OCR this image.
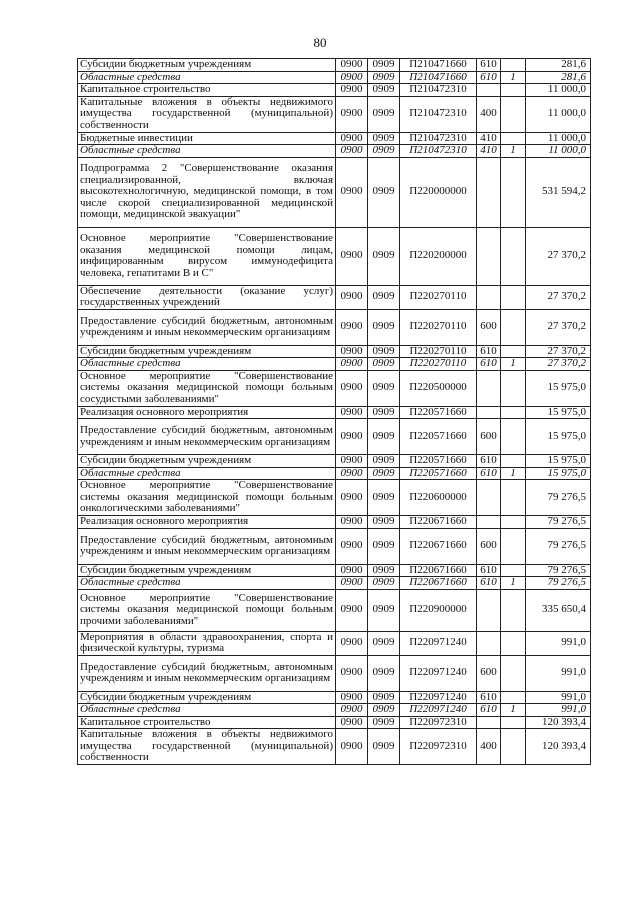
80
Субсидии бюджетным учреждениям	0900	0909	П210471660	610		281,6
Областные средства	0900	0909	П210471660	610	1	281,6
Капитальное строительство	0900	0909	П210472310			11 000,0
Капитальные вложения в объекты недвижимого имущества государственной (муниципальной) собственности	0900	0909	П210472310	400		11 000,0
Бюджетные инвестиции	0900	0909	П210472310	410		11 000,0
Областные средства	0900	0909	П210472310	410	1	11 000,0
Подпрограмма 2 "Совершенствование оказания специализированной, включая высокотехнологичную, медицинской помощи, в том числе скорой специализированной медицинской помощи, медицинской эвакуации"	0900	0909	П220000000			531 594,2
Основное мероприятие "Совершенствование оказания медицинской помощи лицам, инфицированным вирусом иммунодефицита человека, гепатитами В и С"	0900	0909	П220200000			27 370,2
Обеспечение деятельности (оказание услуг) государственных учреждений	0900	0909	П220270110			27 370,2
Предоставление субсидий бюджетным, автономным учреждениям и иным некоммерческим организациям	0900	0909	П220270110	600		27 370,2
Субсидии бюджетным учреждениям	0900	0909	П220270110	610		27 370,2
Областные средства	0900	0909	П220270110	610	1	27 370,2
Основное мероприятие "Совершенствование системы оказания медицинской помощи больным сосудистыми заболеваниями"	0900	0909	П220500000			15 975,0
Реализация основного мероприятия	0900	0909	П220571660			15 975,0
Предоставление субсидий бюджетным, автономным учреждениям и иным некоммерческим организациям	0900	0909	П220571660	600		15 975,0
Субсидии бюджетным учреждениям	0900	0909	П220571660	610		15 975,0
Областные средства	0900	0909	П220571660	610	1	15 975,0
Основное мероприятие "Совершенствование системы оказания медицинской помощи больным онкологическими заболеваниями"	0900	0909	П220600000			79 276,5
Реализация основного мероприятия	0900	0909	П220671660			79 276,5
Предоставление субсидий бюджетным, автономным учреждениям и иным некоммерческим организациям	0900	0909	П220671660	600		79 276,5
Субсидии бюджетным учреждениям	0900	0909	П220671660	610		79 276,5
Областные средства	0900	0909	П220671660	610	1	79 276,5
Основное мероприятие "Совершенствование системы оказания медицинской помощи больным прочими заболеваниями"	0900	0909	П220900000			335 650,4
Мероприятия в области здравоохранения, спорта и физической культуры, туризма	0900	0909	П220971240			991,0
Предоставление субсидий бюджетным, автономным учреждениям и иным некоммерческим организациям	0900	0909	П220971240	600		991,0
Субсидии бюджетным учреждениям	0900	0909	П220971240	610		991,0
Областные средства	0900	0909	П220971240	610	1	991,0
Капитальное строительство	0900	0909	П220972310			120 393,4
Капитальные вложения в объекты недвижимого имущества государственной (муниципальной) собственности	0900	0909	П220972310	400		120 393,4
